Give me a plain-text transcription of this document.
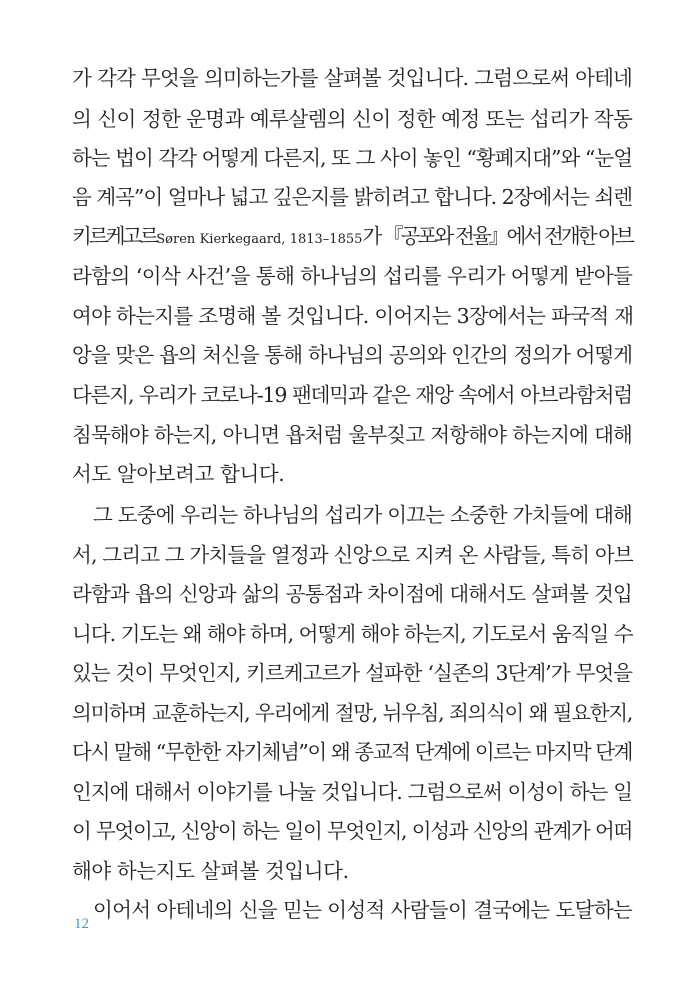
가 각각 무엇을 의미하는가를 살펴볼 것입니다. 그럼으로써 아테네
의 신이 정한 운명과 예루살렘의 신이 정한 예정 또는 섭리가 작동
하는 법이 각각 어떻게 다른지, 또 그 사이 놓인 “황폐지대”와 “눈얼
음 계곡”이 얼마나 넓고 깊은지를 밝히려고 합니다. 2장에서는 쇠렌
키르케고르Søren Kierkegaard, 1813–1855가 『공포와 전율』에서 전개한 아브
라함의 ‘이삭 사건’을 통해 하나님의 섭리를 우리가 어떻게 받아들
여야 하는지를 조명해 볼 것입니다. 이어지는 3장에서는 파국적 재
앙을 맞은 욥의 처신을 통해 하나님의 공의와 인간의 정의가 어떻게
다른지, 우리가 코로나-19 팬데믹과 같은 재앙 속에서 아브라함처럼
침묵해야 하는지, 아니면 욥처럼 울부짖고 저항해야 하는지에 대해
서도 알아보려고 합니다.
그 도중에 우리는 하나님의 섭리가 이끄는 소중한 가치들에 대해
서, 그리고 그 가치들을 열정과 신앙으로 지켜 온 사람들, 특히 아브
라함과 욥의 신앙과 삶의 공통점과 차이점에 대해서도 살펴볼 것입
니다. 기도는 왜 해야 하며, 어떻게 해야 하는지, 기도로서 움직일 수
있는 것이 무엇인지, 키르케고르가 설파한 ‘실존의 3단계’가 무엇을
의미하며 교훈하는지, 우리에게 절망, 뉘우침, 죄의식이 왜 필요한지,
다시 말해 “무한한 자기체념”이 왜 종교적 단계에 이르는 마지막 단계
인지에 대해서 이야기를 나눌 것입니다. 그럼으로써 이성이 하는 일
이 무엇이고, 신앙이 하는 일이 무엇인지, 이성과 신앙의 관계가 어떠
해야 하는지도 살펴볼 것입니다.
이어서 아테네의 신을 믿는 이성적 사람들이 결국에는 도달하는
12
